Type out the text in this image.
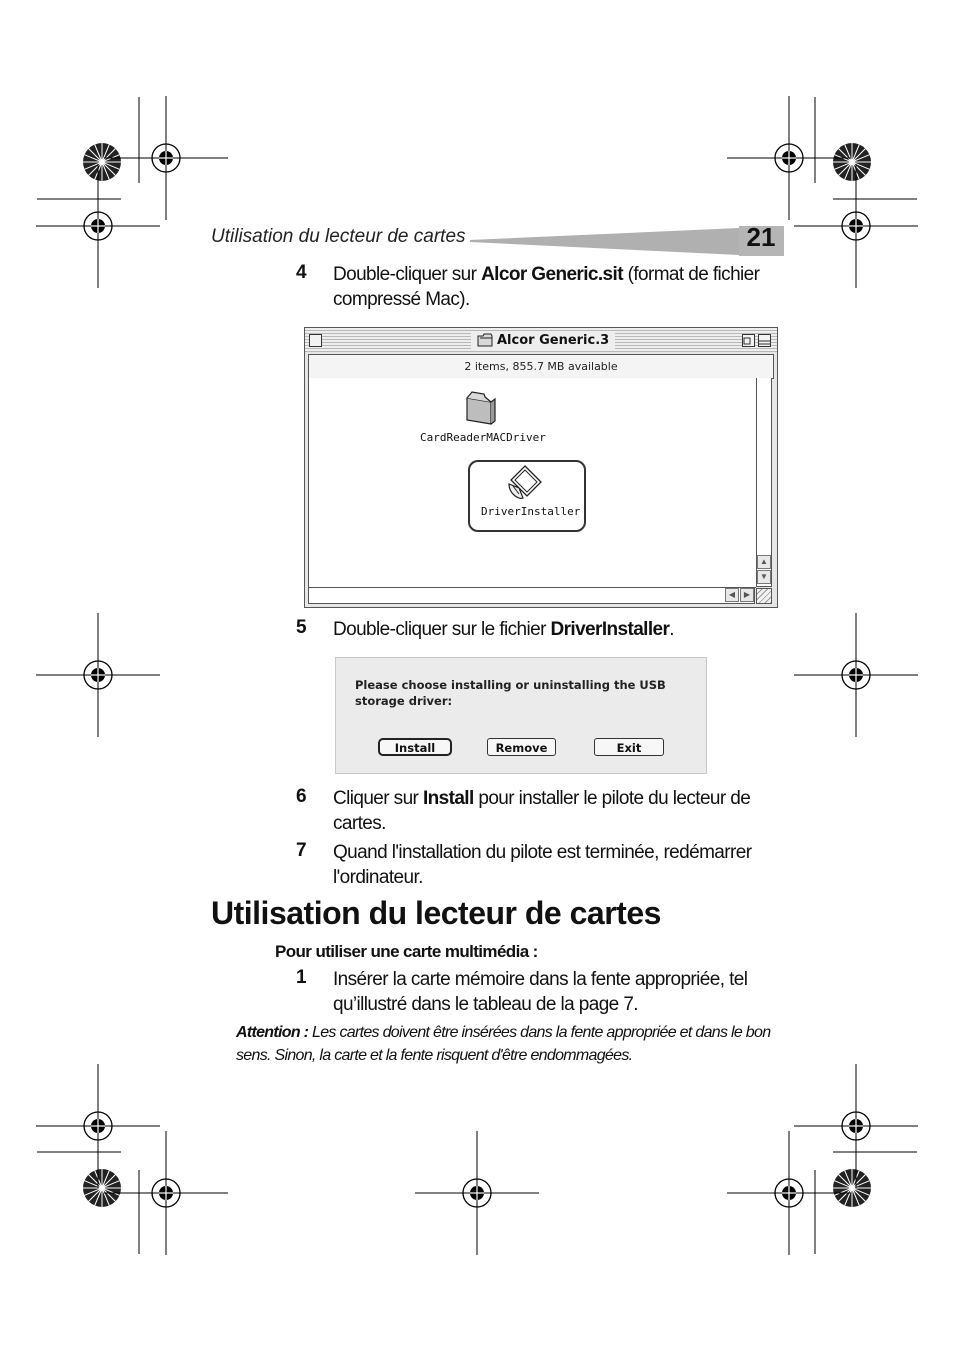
Utilisation du lecteur de cartes	21
4	Double-cliquer sur Alcor Generic.sit (format de fichier compressé Mac).
Alcor Generic.3
2 items, 855.7 MB available
CardReaderMACDriver
DriverInstaller
▲
▼
◀	▶
5	Double-cliquer sur le fichier DriverInstaller.
Please choose installing or uninstalling the USB storage driver:
Install	Remove	Exit
6	Cliquer sur Install pour installer le pilote du lecteur de cartes.
7	Quand l'installation du pilote est terminée, redémarrer l'ordinateur.
Utilisation du lecteur de cartes
Pour utiliser une carte multimédia :
1	Insérer la carte mémoire dans la fente appropriée, tel qu’illustré dans le tableau de la page 7.
Attention : Les cartes doivent être insérées dans la fente appropriée et dans le bon sens. Sinon, la carte et la fente risquent d'être endommagées.
